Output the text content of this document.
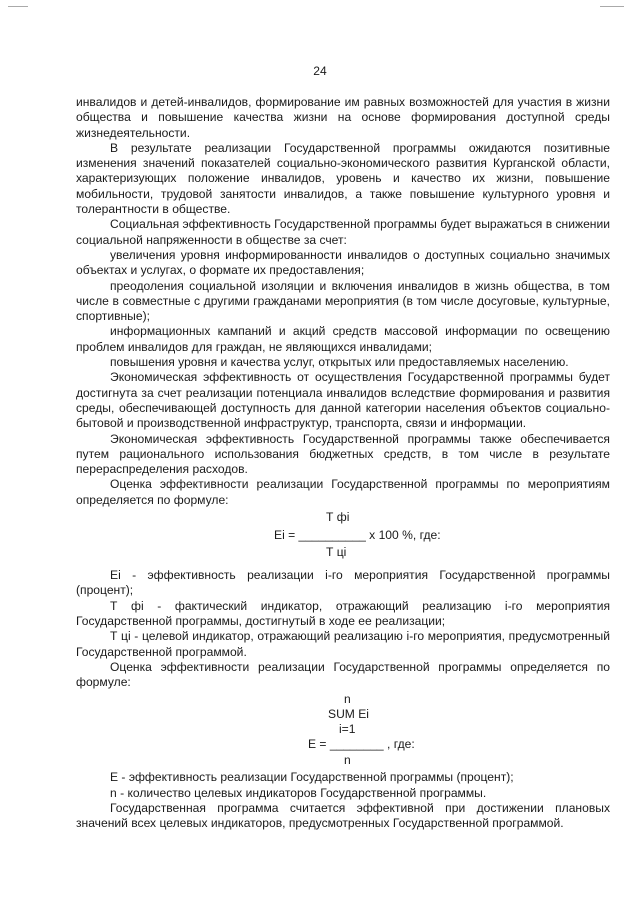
24

инвалидов и детей-инвалидов, формирование им равных возможностей для участия в жизни общества и повышение качества жизни на основе формирования доступной среды жизнедеятельности.

В результате реализации Государственной программы ожидаются позитивные изменения значений показателей социально-экономического развития Курганской области, характеризующих положение инвалидов, уровень и качество их жизни, повышение мобильности, трудовой занятости инвалидов, а также повышение культурного уровня и толерантности в обществе.

Социальная эффективность Государственной программы будет выражаться в снижении социальной напряженности в обществе за счет:

увеличения уровня информированности инвалидов о доступных социально значимых объектах и услугах, о формате их предоставления;

преодоления социальной изоляции и включения инвалидов в жизнь общества, в том числе в совместные с другими гражданами мероприятия (в том числе досуговые, культурные, спортивные);

информационных кампаний и акций средств массовой информации по освещению проблем инвалидов для граждан, не являющихся инвалидами;

повышения уровня и качества услуг, открытых или предоставляемых населению.

Экономическая эффективность от осуществления Государственной программы будет достигнута за счет реализации потенциала инвалидов вследствие формирования и развития среды, обеспечивающей доступность для данной категории населения объектов социально-бытовой и производственной инфраструктур, транспорта, связи и информации.

Экономическая эффективность Государственной программы также обеспечивается путем рационального использования бюджетных средств, в том числе в результате перераспределения расходов.

Оценка эффективности реализации Государственной программы по мероприятиям определяется по формуле:

Т фi
Ei = __________ x 100 %, где:
Т цi

Ei - эффективность реализации i-го мероприятия Государственной программы (процент);

Т фi - фактический индикатор, отражающий реализацию i-го мероприятия Государственной программы, достигнутый в ходе ее реализации;

Т цi - целевой индикатор, отражающий реализацию i-го мероприятия, предусмотренный Государственной программой.

Оценка эффективности реализации Государственной программы определяется по формуле:

n
SUM Ei
i=1
E = ________ , где:
n

E - эффективность реализации Государственной программы (процент);

n - количество целевых индикаторов Государственной программы.

Государственная программа считается эффективной при достижении плановых значений всех целевых индикаторов, предусмотренных Государственной программой.
